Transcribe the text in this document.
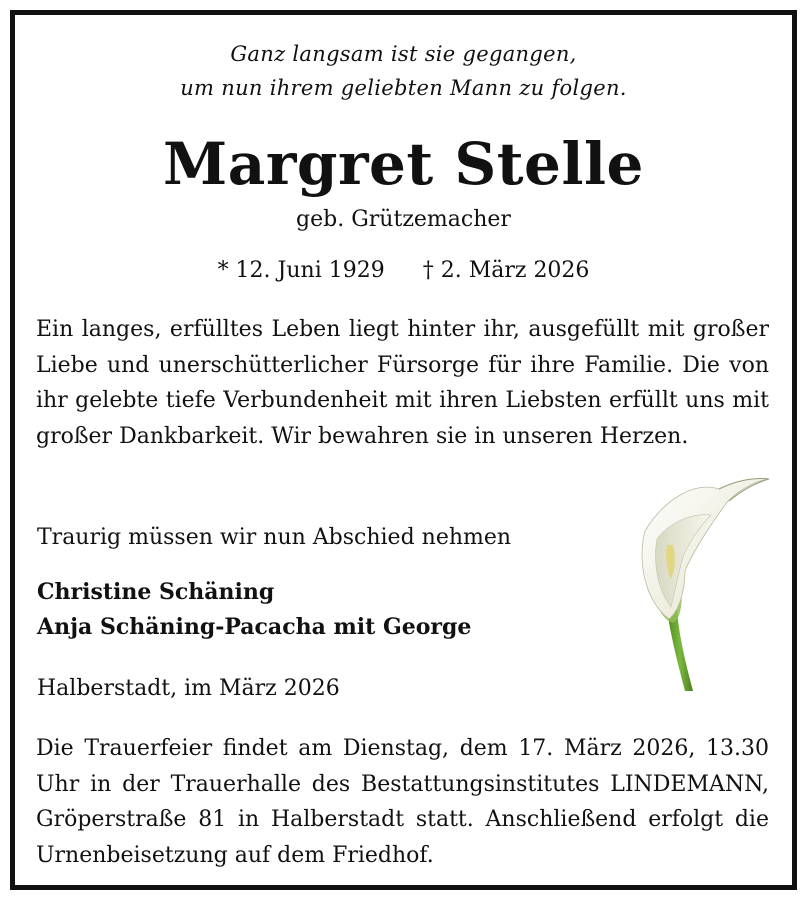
Ganz langsam ist sie gegangen,
um nun ihrem geliebten Mann zu folgen.
Margret Stelle
geb. Grützemacher
* 12. Juni 1929 † 2. März 2026
Ein langes, erfülltes Leben liegt hinter ihr, ausgefüllt mit großer Liebe und unerschütterlicher Fürsorge für ihre Familie. Die von ihr gelebte tiefe Verbundenheit mit ihren Liebsten erfüllt uns mit großer Dankbarkeit. Wir bewahren sie in unseren Herzen.
Traurig müssen wir nun Abschied nehmen
Christine Schäning
Anja Schäning-Pacacha mit George
Halberstadt, im März 2026
Die Trauerfeier findet am Dienstag, dem 17. März 2026, 13.30 Uhr in der Trauerhalle des Bestattungsinstitutes LINDEMANN, Gröperstraße 81 in Halberstadt statt. Anschließend erfolgt die Urnenbeisetzung auf dem Friedhof.
